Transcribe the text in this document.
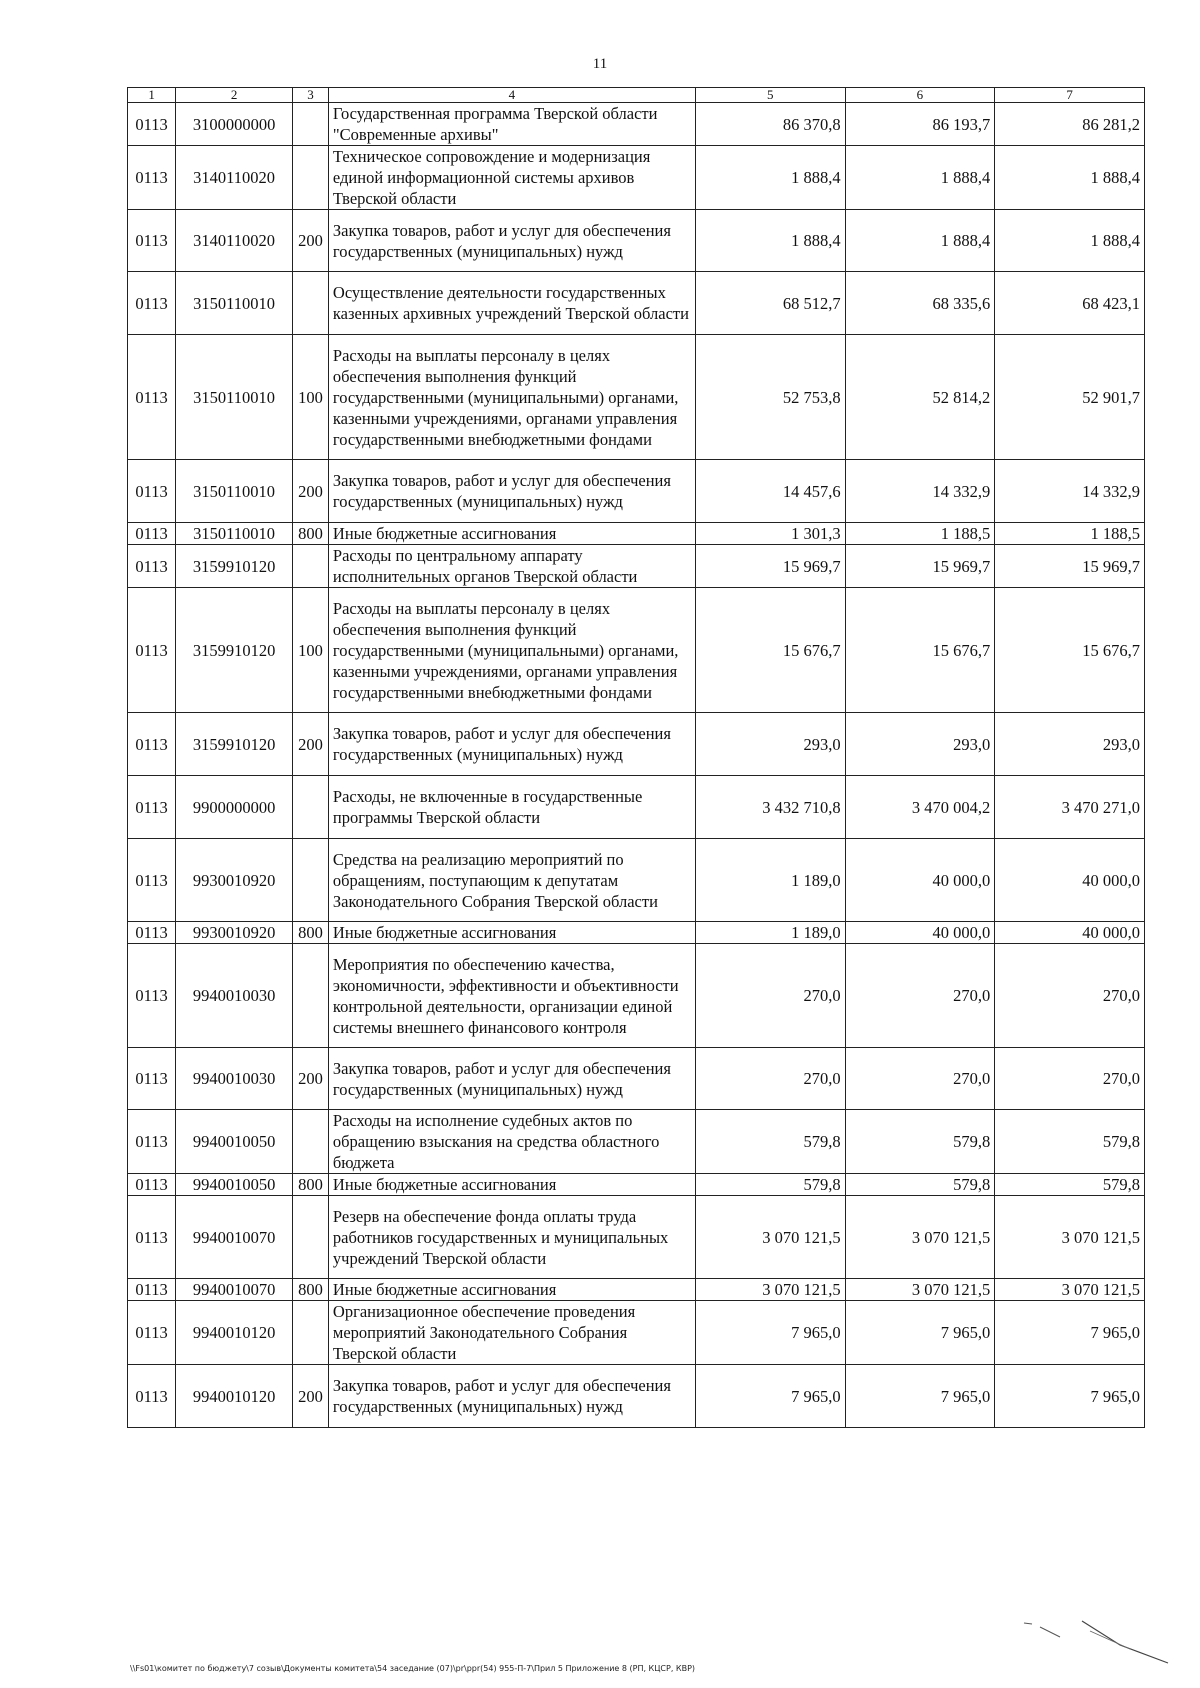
11
1	2	3	4	5	6	7
0113	3100000000		Государственная программа Тверской области "Современные архивы"	86 370,8	86 193,7	86 281,2
0113	3140110020		Техническое сопровождение и модернизация единой информационной системы архивов Тверской области	1 888,4	1 888,4	1 888,4
0113	3140110020	200	Закупка товаров, работ и услуг для обеспечения государственных (муниципальных) нужд	1 888,4	1 888,4	1 888,4
0113	3150110010		Осуществление деятельности государственных казенных архивных учреждений Тверской области	68 512,7	68 335,6	68 423,1
0113	3150110010	100	Расходы на выплаты персоналу в целях обеспечения выполнения функций государственными (муниципальными) органами, казенными учреждениями, органами управления государственными внебюджетными фондами	52 753,8	52 814,2	52 901,7
0113	3150110010	200	Закупка товаров, работ и услуг для обеспечения государственных (муниципальных) нужд	14 457,6	14 332,9	14 332,9
0113	3150110010	800	Иные бюджетные ассигнования	1 301,3	1 188,5	1 188,5
0113	3159910120		Расходы по центральному аппарату исполнительных органов Тверской области	15 969,7	15 969,7	15 969,7
0113	3159910120	100	Расходы на выплаты персоналу в целях обеспечения выполнения функций государственными (муниципальными) органами, казенными учреждениями, органами управления государственными внебюджетными фондами	15 676,7	15 676,7	15 676,7
0113	3159910120	200	Закупка товаров, работ и услуг для обеспечения государственных (муниципальных) нужд	293,0	293,0	293,0
0113	9900000000		Расходы, не включенные в государственные программы Тверской области	3 432 710,8	3 470 004,2	3 470 271,0
0113	9930010920		Средства на реализацию мероприятий по обращениям, поступающим к депутатам Законодательного Собрания Тверской области	1 189,0	40 000,0	40 000,0
0113	9930010920	800	Иные бюджетные ассигнования	1 189,0	40 000,0	40 000,0
0113	9940010030		Мероприятия по обеспечению качества, экономичности, эффективности и объективности контрольной деятельности, организации единой системы внешнего финансового контроля	270,0	270,0	270,0
0113	9940010030	200	Закупка товаров, работ и услуг для обеспечения государственных (муниципальных) нужд	270,0	270,0	270,0
0113	9940010050		Расходы на исполнение судебных актов по обращению взыскания на средства областного бюджета	579,8	579,8	579,8
0113	9940010050	800	Иные бюджетные ассигнования	579,8	579,8	579,8
0113	9940010070		Резерв на обеспечение фонда оплаты труда работников государственных и муниципальных учреждений Тверской области	3 070 121,5	3 070 121,5	3 070 121,5
0113	9940010070	800	Иные бюджетные ассигнования	3 070 121,5	3 070 121,5	3 070 121,5
0113	9940010120		Организационное обеспечение проведения мероприятий Законодательного Собрания Тверской области	7 965,0	7 965,0	7 965,0
0113	9940010120	200	Закупка товаров, работ и услуг для обеспечения государственных (муниципальных) нужд	7 965,0	7 965,0	7 965,0
\\Fs01\комитет по бюджету\7 созыв\Документы комитета\54 заседание (07)\pr\ppr(54) 955-П-7\Прил 5 Приложение 8 (РП, КЦСР, КВР)
